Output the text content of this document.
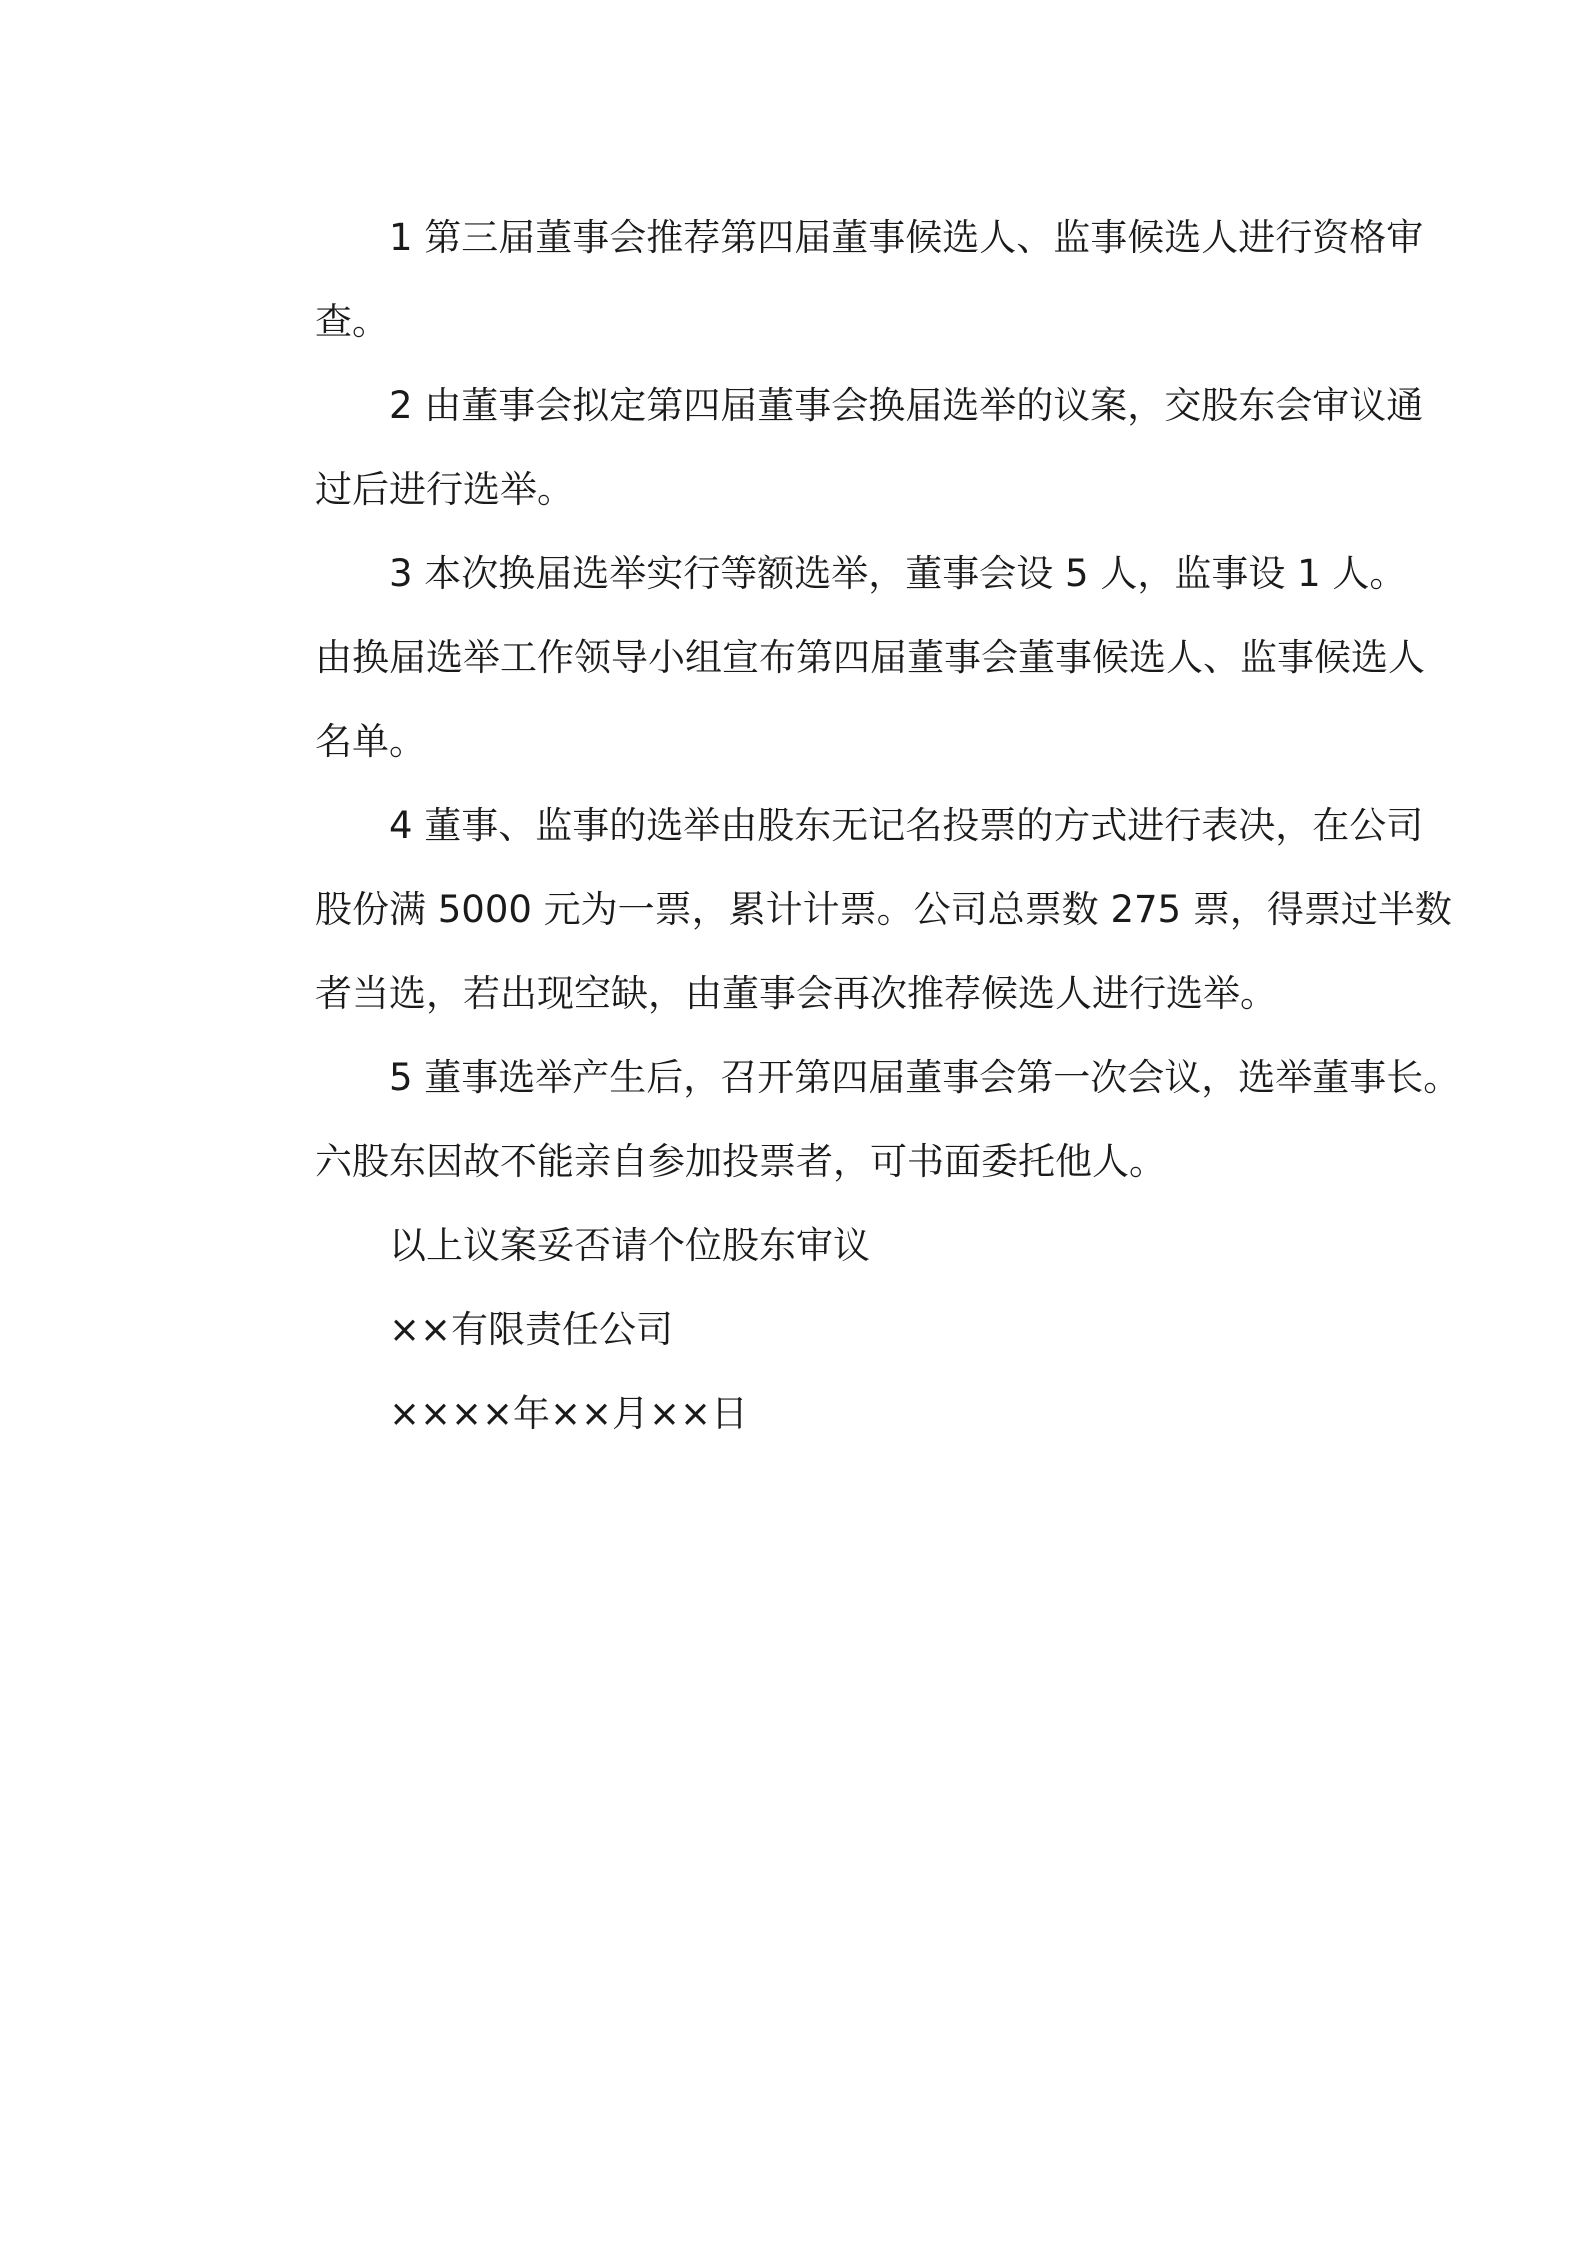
1 第三届董事会推荐第四届董事候选人、监事候选人进行资格审
查。
2 由董事会拟定第四届董事会换届选举的议案，交股东会审议通
过后进行选举。
3 本次换届选举实行等额选举，董事会设 5 人，监事设 1 人。
由换届选举工作领导小组宣布第四届董事会董事候选人、监事候选人
名单。
4 董事、监事的选举由股东无记名投票的方式进行表决，在公司
股份满 5000 元为一票，累计计票。公司总票数 275 票，得票过半数
者当选，若出现空缺，由董事会再次推荐候选人进行选举。
5 董事选举产生后，召开第四届董事会第一次会议，选举董事长。
六股东因故不能亲自参加投票者，可书面委托他人。
以上议案妥否请个位股东审议
××有限责任公司
××××年××月××日
